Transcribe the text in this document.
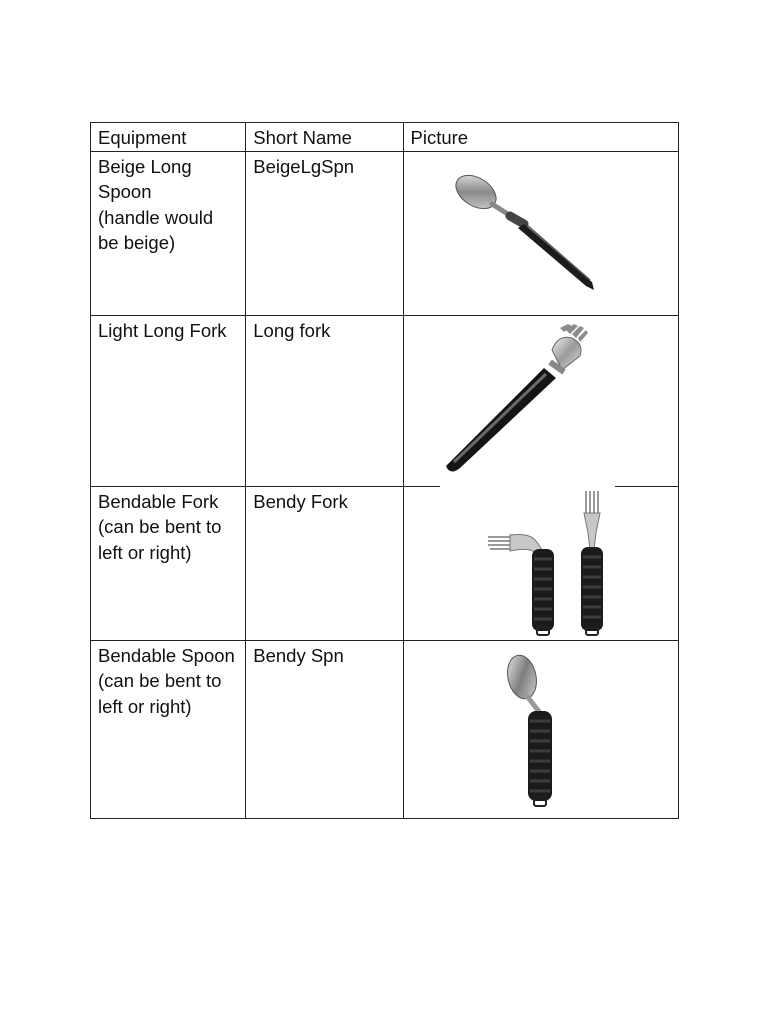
Equipment	Short Name	Picture
Beige Long
Spoon
(handle would
be beige)	BeigeLgSpn	

Light Long Fork	Long fork	

Bendable Fork
(can be bent to
left or right)	Bendy Fork	

Bendable Spoon
(can be bent to
left or right)	Bendy Spn	
